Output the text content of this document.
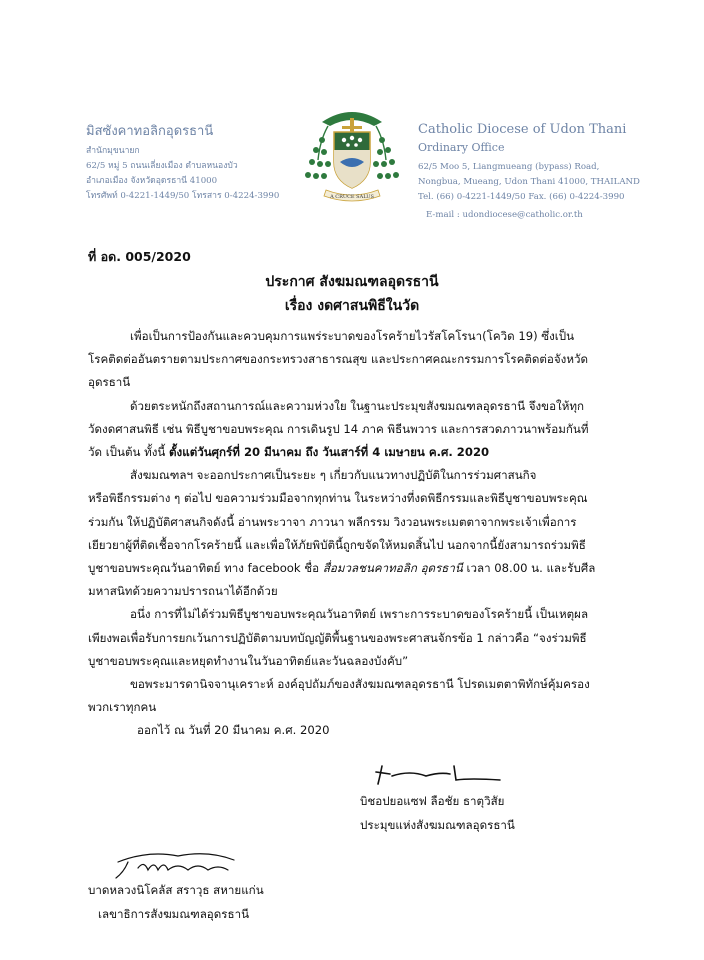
มิสซังคาทอลิกอุดรธานี
สำนักมุขนายก
62/5 หมู่ 5 ถนนเลี่ยงเมือง ตำบลหนองบัว
อำเภอเมือง จังหวัดอุดรธานี 41000
โทรศัพท์ 0-4221-1449/50 โทรสาร 0-4224-3990	A CRUCE SALUS
Catholic Diocese of Udon Thani
Ordinary Office
62/5 Moo 5, Liangmueang (bypass) Road,
Nongbua, Mueang, Udon Thani 41000, THAILAND
Tel. (66) 0-4221-1449/50 Fax. (66) 0-4224-3990
E-mail : udondiocese@catholic.or.th
ที่ อด. 005/2020
ประกาศ สังฆมณฑลอุดรธานี
เรื่อง งดศาสนพิธีในวัด

เพื่อเป็นการป้องกันและควบคุมการแพร่ระบาดของโรคร้ายไวรัสโคโรนา(โควิด 19) ซึ่งเป็น
โรคติดต่ออันตรายตามประกาศของกระทรวงสาธารณสุข และประกาศคณะกรรมการโรคติดต่อจังหวัด
อุดรธานี

ด้วยตระหนักถึงสถานการณ์และความห่วงใย ในฐานะประมุขสังฆมณฑลอุดรธานี จึงขอให้ทุก
วัดงดศาสนพิธี เช่น พิธีบูชาขอบพระคุณ การเดินรูป 14 ภาค พิธีนพวาร และการสวดภาวนาพร้อมกันที่
วัด เป็นต้น ทั้งนี้ ตั้งแต่วันศุกร์ที่ 20 มีนาคม ถึง วันเสาร์ที่ 4 เมษายน ค.ศ. 2020

สังฆมณฑลฯ จะออกประกาศเป็นระยะ ๆ เกี่ยวกับแนวทางปฏิบัติในการร่วมศาสนกิจ
หรือพิธีกรรมต่าง ๆ ต่อไป ขอความร่วมมือจากทุกท่าน ในระหว่างที่งดพิธีกรรมและพิธีบูชาขอบพระคุณ
ร่วมกัน ให้ปฏิบัติศาสนกิจดังนี้ อ่านพระวาจา ภาวนา พลีกรรม วิงวอนพระเมตตาจากพระเจ้าเพื่อการ
เยียวยาผู้ที่ติดเชื้อจากโรคร้ายนี้ และเพื่อให้ภัยพิบัตินี้ถูกขจัดให้หมดสิ้นไป นอกจากนี้ยังสามารถร่วมพิธี
บูชาขอบพระคุณวันอาทิตย์ ทาง facebook ชื่อ สื่อมวลชนคาทอลิก อุดรธานี เวลา 08.00 น. และรับศีล
มหาสนิทด้วยความปรารถนาได้อีกด้วย

อนึ่ง การที่ไม่ได้ร่วมพิธีบูชาขอบพระคุณวันอาทิตย์ เพราะการระบาดของโรคร้ายนี้ เป็นเหตุผล
เพียงพอเพื่อรับการยกเว้นการปฏิบัติตามบทบัญญัติพื้นฐานของพระศาสนจักรข้อ 1 กล่าวคือ “จงร่วมพิธี
บูชาขอบพระคุณและหยุดทำงานในวันอาทิตย์และวันฉลองบังคับ”

ขอพระมารดานิจจานุเคราะห์ องค์อุปถัมภ์ของสังฆมณฑลอุดรธานี โปรดเมตตาพิทักษ์คุ้มครอง
พวกเราทุกคน

ออกไว้ ณ วันที่ 20 มีนาคม ค.ศ. 2020
บิชอปยอแซฟ ลือชัย ธาตุวิสัย
ประมุขแห่งสังฆมณฑลอุดรธานี
บาดหลวงนิโคลัส สราวุธ สหายแก่น
เลขาธิการสังฆมณฑลอุดรธานี
